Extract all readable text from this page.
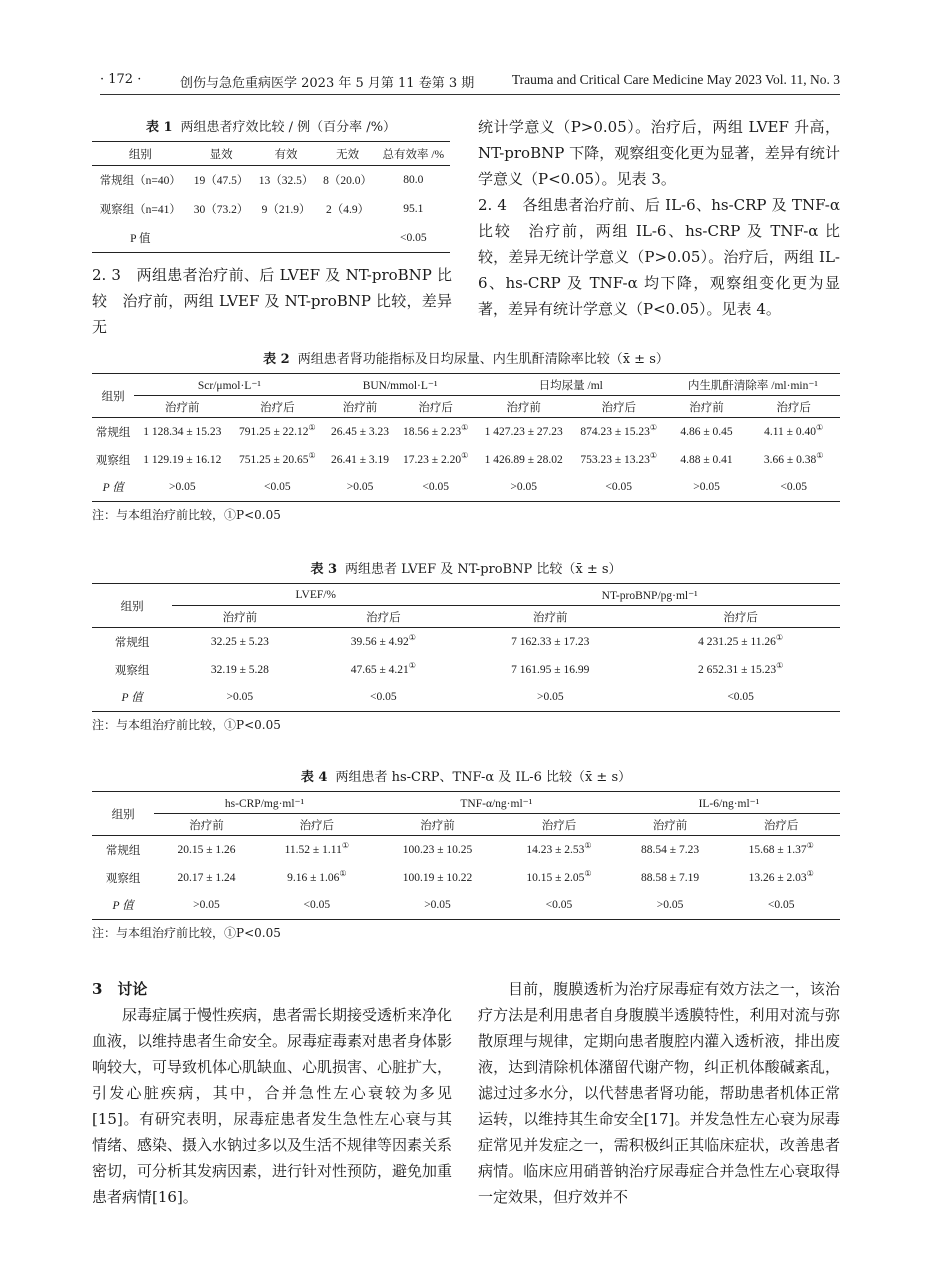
· 172 ·	创伤与急危重病医学 2023 年 5 月第 11 卷第 3 期	Trauma and Critical Care Medicine May 2023 Vol. 11, No. 3
表 1 两组患者疗效比较 / 例（百分率 /%）
组别	显效	有效	无效	总有效率 /%
常规组（n=40）	19（47.5）	13（32.5）	8（20.0）	80.0
观察组（n=41）	30（73.2）	9（21.9）	2（4.9）	95.1
P 值				<0.05

2. 3　两组患者治疗前、后 LVEF 及 NT-proBNP 比较　治疗前，两组 LVEF 及 NT-proBNP 比较，差异无

统计学意义（P>0.05）。治疗后，两组 LVEF 升高，NT-proBNP 下降，观察组变化更为显著，差异有统计学意义（P<0.05）。见表 3。

2. 4　各组患者治疗前、后 IL-6、hs-CRP 及 TNF-α 比较　治疗前，两组 IL-6、hs-CRP 及 TNF-α 比较，差异无统计学意义（P>0.05）。治疗后，两组 IL-6、hs-CRP 及 TNF-α 均下降，观察组变化更为显著，差异有统计学意义（P<0.05）。见表 4。

表 2 两组患者肾功能指标及日均尿量、内生肌酐清除率比较（x̄ ± s）
组别	Scr/μmol·L⁻¹		BUN/mmol·L⁻¹		日均尿量 /ml		内生肌酐清除率 /ml·min⁻¹	
	治疗前	治疗后	治疗前	治疗后	治疗前	治疗后	治疗前	治疗后
常规组	1 128.34 ± 15.23	791.25 ± 22.12①	26.45 ± 3.23	18.56 ± 2.23①	1 427.23 ± 27.23	874.23 ± 15.23①	4.86 ± 0.45	4.11 ± 0.40①
观察组	1 129.19 ± 16.12	751.25 ± 20.65①	26.41 ± 3.19	17.23 ± 2.20①	1 426.89 ± 28.02	753.23 ± 13.23①	4.88 ± 0.41	3.66 ± 0.38①
P 值	>0.05	<0.05	>0.05	<0.05	>0.05	<0.05	>0.05	<0.05
注：与本组治疗前比较，①P<0.05
表 3 两组患者 LVEF 及 NT-proBNP 比较（x̄ ± s）
组别	LVEF/%		NT-proBNP/pg·ml⁻¹	
	治疗前	治疗后	治疗前	治疗后
常规组	32.25 ± 5.23	39.56 ± 4.92①	7 162.33 ± 17.23	4 231.25 ± 11.26①
观察组	32.19 ± 5.28	47.65 ± 4.21①	7 161.95 ± 16.99	2 652.31 ± 15.23①
P 值	>0.05	<0.05	>0.05	<0.05
注：与本组治疗前比较，①P<0.05
表 4 两组患者 hs-CRP、TNF-α 及 IL-6 比较（x̄ ± s）
组别	hs-CRP/mg·ml⁻¹		TNF-α/ng·ml⁻¹		IL-6/ng·ml⁻¹	
	治疗前	治疗后	治疗前	治疗后	治疗前	治疗后
常规组	20.15 ± 1.26	11.52 ± 1.11①	100.23 ± 10.25	14.23 ± 2.53①	88.54 ± 7.23	15.68 ± 1.37①
观察组	20.17 ± 1.24	9.16 ± 1.06①	100.19 ± 10.22	10.15 ± 2.05①	88.58 ± 7.19	13.26 ± 2.03①
P 值	>0.05	<0.05	>0.05	<0.05	>0.05	<0.05
注：与本组治疗前比较，①P<0.05

3　讨论

尿毒症属于慢性疾病，患者需长期接受透析来净化血液，以维持患者生命安全。尿毒症毒素对患者身体影响较大，可导致机体心肌缺血、心肌损害、心脏扩大，引发心脏疾病，其中，合并急性左心衰较为多见[15]。有研究表明，尿毒症患者发生急性左心衰与其情绪、感染、摄入水钠过多以及生活不规律等因素关系密切，可分析其发病因素，进行针对性预防，避免加重患者病情[16]。

目前，腹膜透析为治疗尿毒症有效方法之一，该治疗方法是利用患者自身腹膜半透膜特性，利用对流与弥散原理与规律，定期向患者腹腔内灌入透析液，排出废液，达到清除机体潴留代谢产物，纠正机体酸碱紊乱，滤过过多水分，以代替患者肾功能，帮助患者机体正常运转，以维持其生命安全[17]。并发急性左心衰为尿毒症常见并发症之一，需积极纠正其临床症状，改善患者病情。临床应用硝普钠治疗尿毒症合并急性左心衰取得一定效果，但疗效并不
